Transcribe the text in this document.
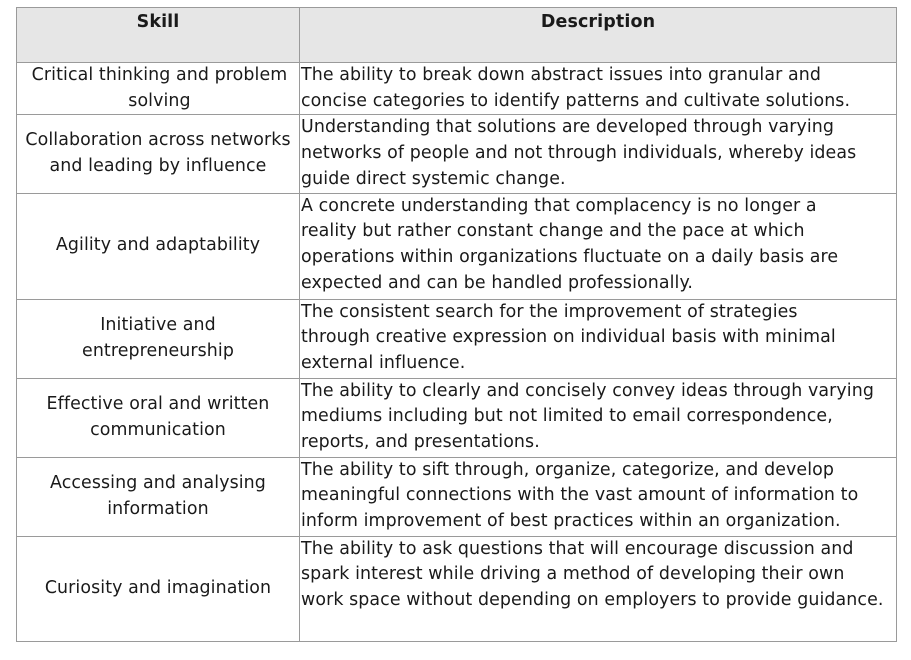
Skill	Description
Critical thinking and problem solving	The ability to break down abstract issues into granular and concise categories to identify patterns and cultivate solutions.
Collaboration across networks and leading by influence	Understanding that solutions are developed through varying networks of people and not through individuals, whereby ideas guide direct systemic change.
Agility and adaptability	A concrete understanding that complacency is no longer a reality but rather constant change and the pace at which operations within organizations fluctuate on a daily basis are expected and can be handled professionally.
Initiative and entrepreneurship	The consistent search for the improvement of strategies through creative expression on individual basis with minimal external influence.
Effective oral and written communication	The ability to clearly and concisely convey ideas through varying mediums including but not limited to email correspondence, reports, and presentations.
Accessing and analysing information	The ability to sift through, organize, categorize, and develop meaningful connections with the vast amount of information to inform improvement of best practices within an organization.
Curiosity and imagination	The ability to ask questions that will encourage discussion and spark interest while driving a method of developing their own work space without depending on employers to provide guidance.
